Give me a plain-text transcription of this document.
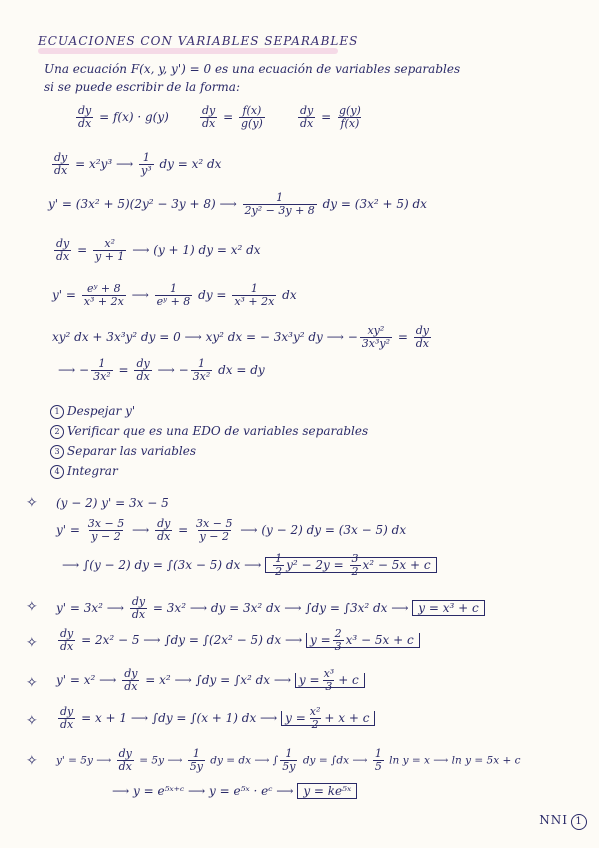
ECUACIONES CON VARIABLES SEPARABLES
Una ecuación F(x, y, y') = 0 es una ecuación de variables separables
si se puede escribir de la forma:
$\frac{dy}{dx} = f(x) \cdot g(y)$	$\frac{dy}{dx} = \frac{f(x)}{g(y)}$	$\frac{dy}{dx} = \frac{g(y)}{f(x)}$
$\frac{dy}{dx} = x^2y^3$ ⟶ $\frac{1}{\text{y³}}$ dy = x² dx
y' = (3x² + 5)(2y² − 3y + 8) ⟶ $\frac{1}{\text{2y² − 3y + 8}}$ dy = (3x² + 5) dx
$\frac{dy}{dx} = \frac{\text{x²}}{y + 1}$ ⟶ (y + 1) dy = x² dx
$y' = \frac{\text{eʸ + 8}}{\text{x³ + 2x}}$ ⟶ $\frac{1}{\text{eʸ + 8}}$ dy = $\frac{1}{\text{x³ + 2x}}$ dx
xy² dx + 3x³y² dy = 0 ⟶ xy² dx = − 3x³y² dy ⟶ − $\frac{\text{xy²}}{\text{3x³y²}} = \frac{dy}{dx}$
⟶ − $\frac{1}{\text{3x²}} = \frac{dy}{dx}$ ⟶ − $\frac{1}{\text{3x²}}$ dx = dy
1 Despejar y'
2 Verificar que es una EDO de variables separables
3 Separar las variables
4 Integrar
✧ (y − 2) y' = 3x − 5
$y' = \frac{3x - 5}{y - 2}$ ⟶ $\frac{dy}{dx} = \frac{3x - 5}{y - 2}$ ⟶ (y − 2) dy = (3x − 5) dx
⟶ ∫(y − 2) dy = ∫(3x − 5) dx ⟶ $\frac{1}{2} y^2 - 2y = \frac{3}{2} x^2 - 5x + c$
✧ y' = 3x² ⟶ $\frac{dy}{dx} = 3x^2$ ⟶ dy = 3x² dx ⟶ ∫dy = ∫3x² dx ⟶ y = x³ + c
✧ $\frac{dy}{dx} = 2x^2 - 5$ ⟶ ∫dy = ∫(2x² − 5) dx ⟶ $y = \frac{2}{3} x^3 - 5x + c$
✧ y' = x² ⟶ $\frac{dy}{dx} = x^2$ ⟶ ∫dy = ∫x² dx ⟶ $y = \frac{\text{x³}}{3} + c$
✧ $\frac{dy}{dx} = x + 1$ ⟶ ∫dy = ∫(x + 1) dx ⟶ $y = \frac{\text{x²}}{2} + x + c$
✧ y' = 5y ⟶ $\frac{dy}{dx} = 5y$ ⟶ $\frac{1}{5y}$ dy = dx ⟶ ∫ $\frac{1}{5y}$ dy = ∫dx ⟶ $\frac{1}{5}$ ln y = x ⟶ ln y = 5x + c
⟶ y = e⁵ˣ⁺ᶜ ⟶ y = e⁵ˣ · eᶜ ⟶ y = ke⁵ˣ
NNI 1
